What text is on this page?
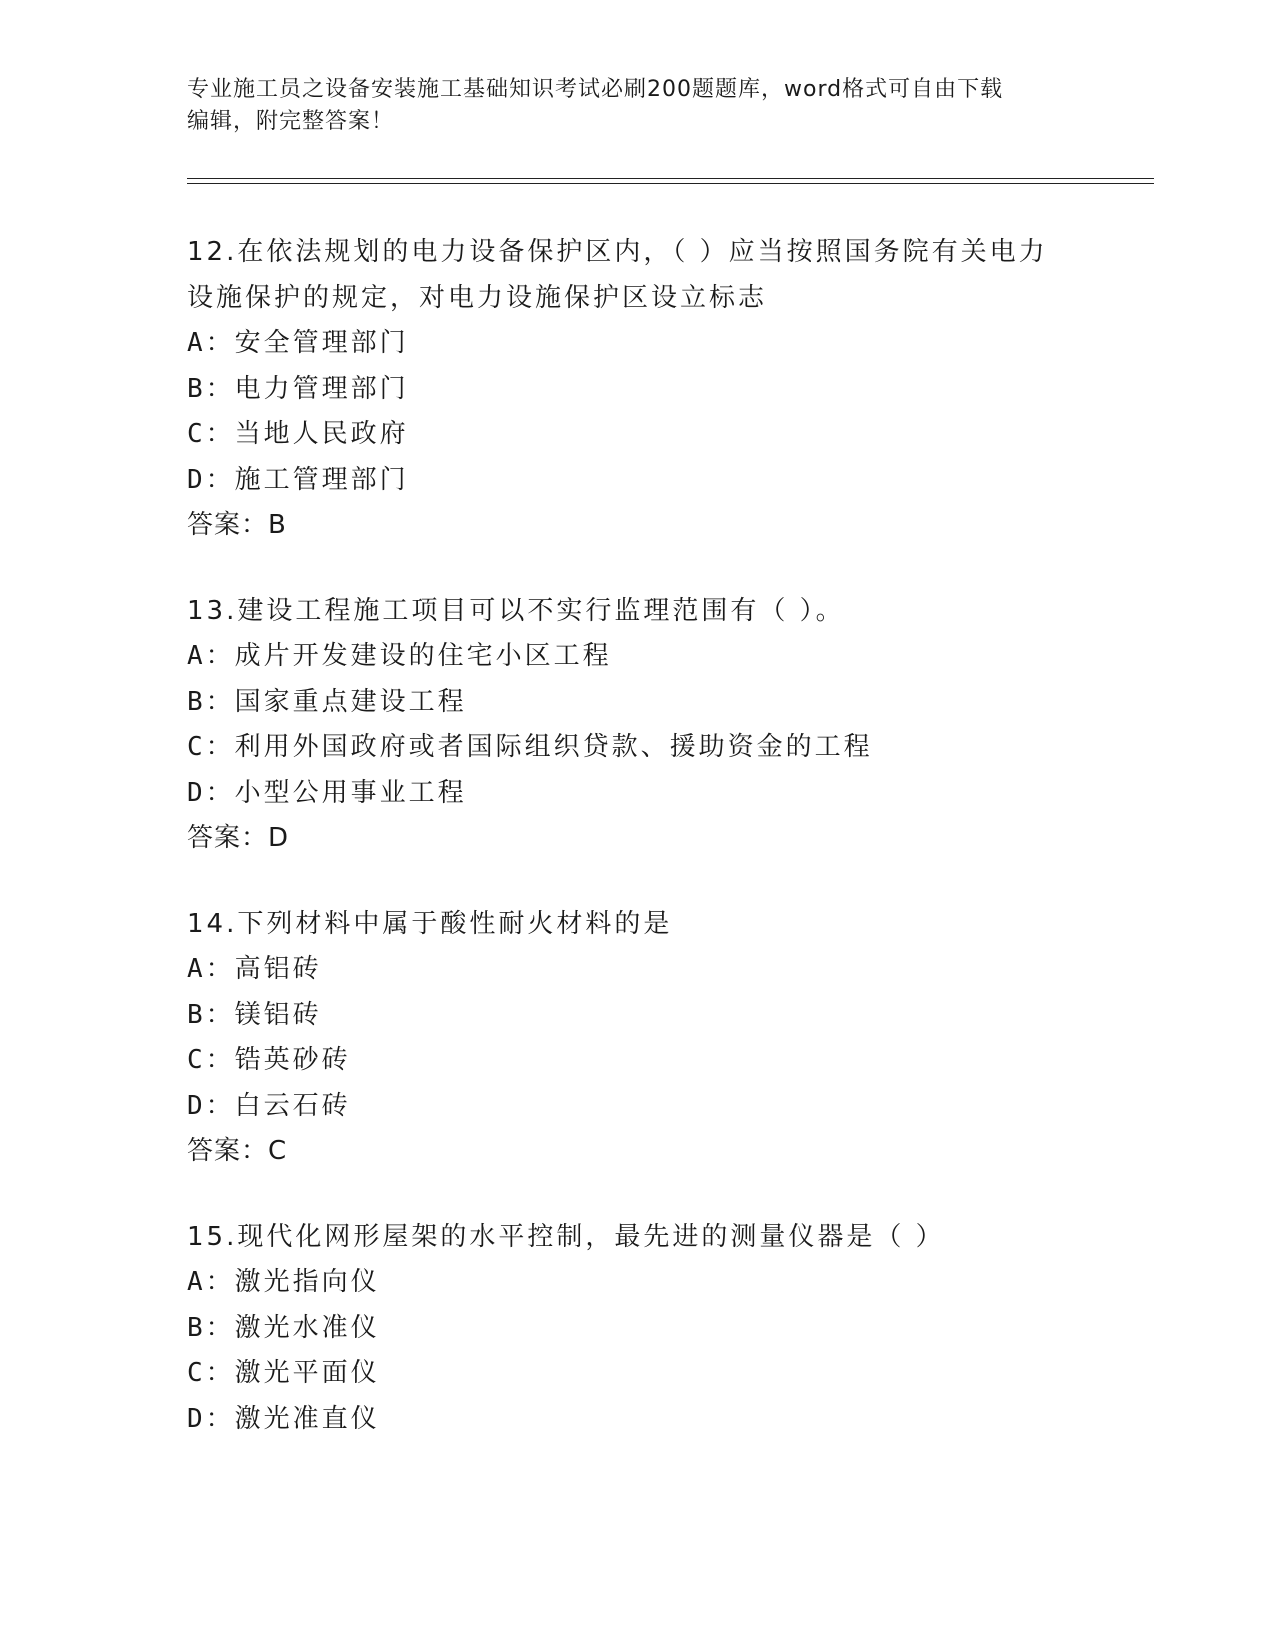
专业施工员之设备安装施工基础知识考试必刷200题题库，word格式可自由下载
编辑，附完整答案！

12.在依法规划的电力设备保护区内，（ ）应当按照国务院有关电力

设施保护的规定，对电力设施保护区设立标志

A：安全管理部门

B：电力管理部门

C：当地人民政府

D：施工管理部门

答案：B

13.建设工程施工项目可以不实行监理范围有（ ）。

A：成片开发建设的住宅小区工程

B：国家重点建设工程

C：利用外国政府或者国际组织贷款、援助资金的工程

D：小型公用事业工程

答案：D

14.下列材料中属于酸性耐火材料的是

A：高铝砖

B：镁铝砖

C：锆英砂砖

D：白云石砖

答案：C

15.现代化网形屋架的水平控制，最先进的测量仪器是（ ）

A：激光指向仪

B：激光水准仪

C：激光平面仪

D：激光准直仪
